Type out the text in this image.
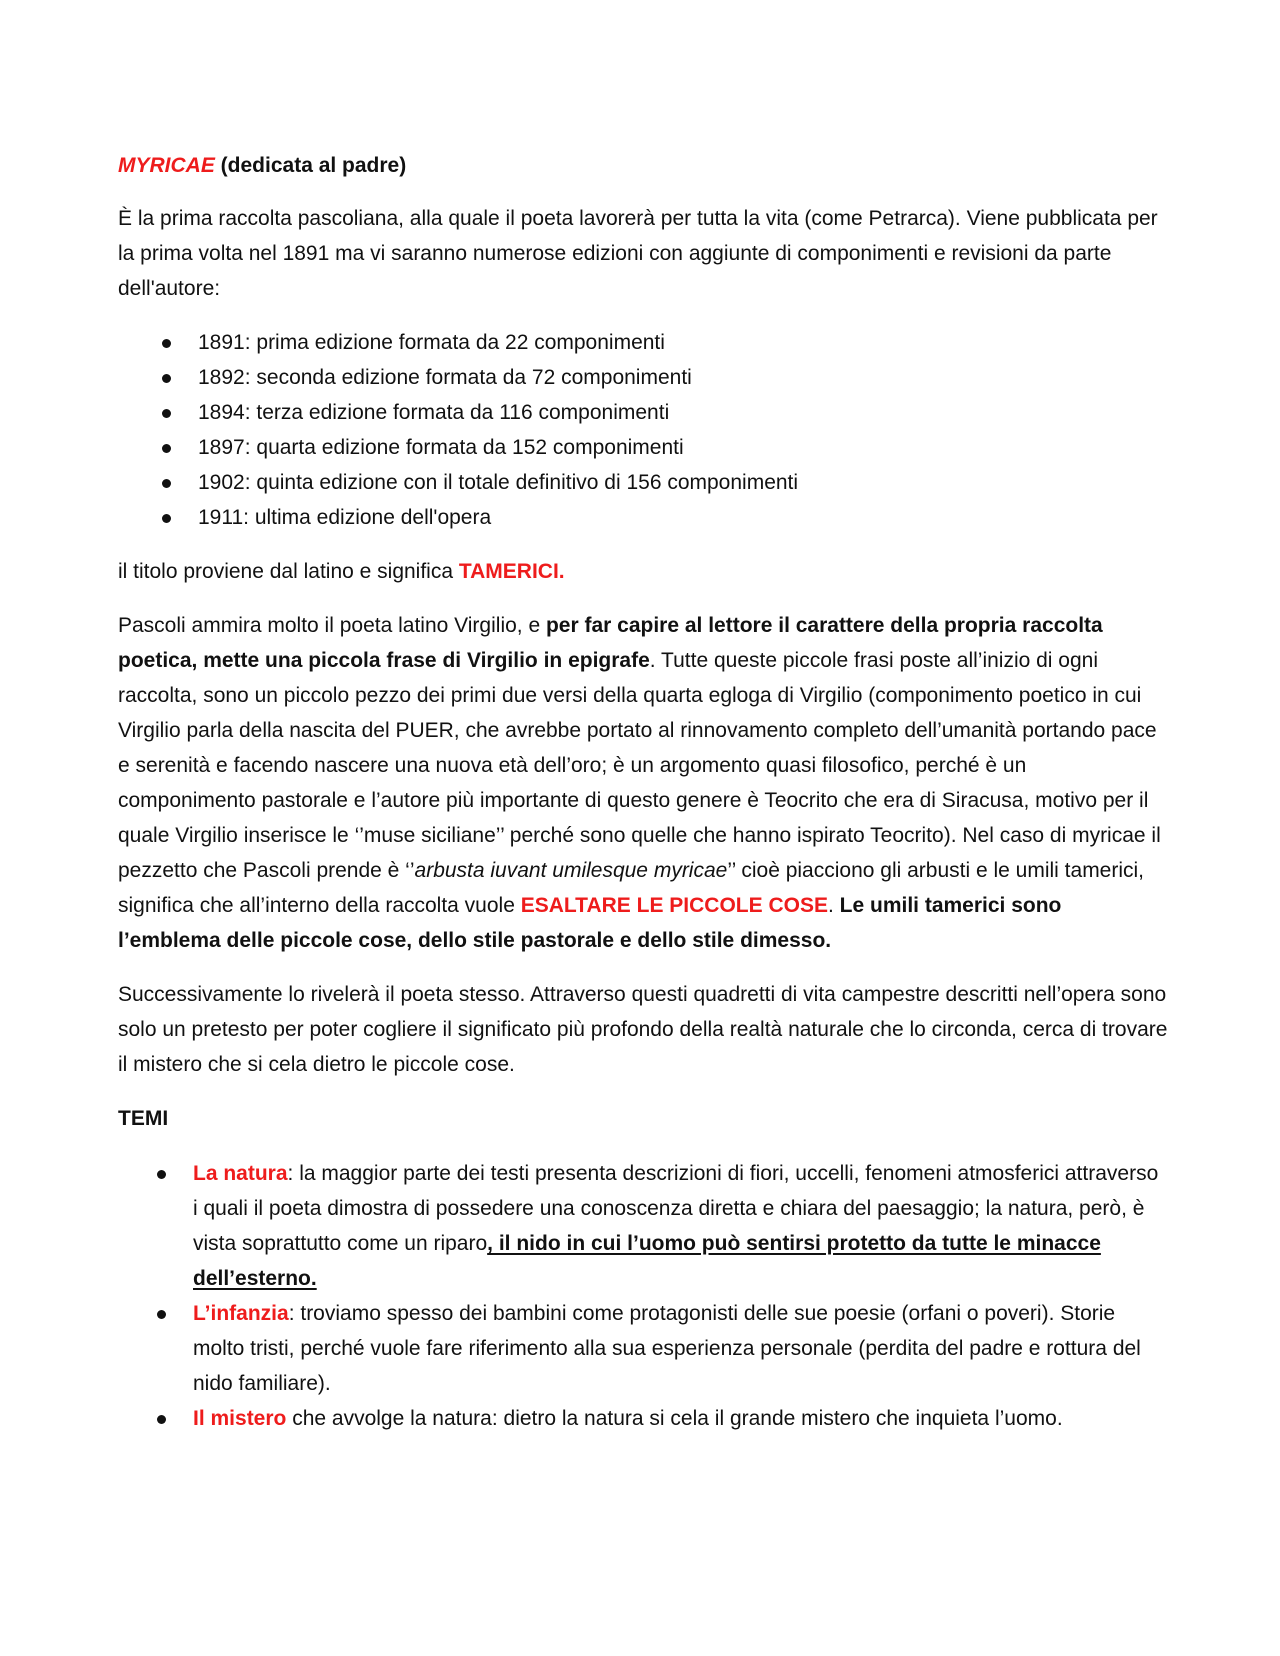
MYRICAE (dedicata al padre)

È la prima raccolta pascoliana, alla quale il poeta lavorerà per tutta la vita (come Petrarca). Viene pubblicata per la prima volta nel 1891 ma vi saranno numerose edizioni con aggiunte di componimenti e revisioni da parte dell'autore:

1891: prima edizione formata da 22 componimenti
1892: seconda edizione formata da 72 componimenti
1894: terza edizione formata da 116 componimenti
1897: quarta edizione formata da 152 componimenti
1902: quinta edizione con il totale definitivo di 156 componimenti
1911: ultima edizione dell'opera

il titolo proviene dal latino e significa TAMERICI.

Pascoli ammira molto il poeta latino Virgilio, e per far capire al lettore il carattere della propria raccolta poetica, mette una piccola frase di Virgilio in epigrafe. Tutte queste piccole frasi poste all’inizio di ogni raccolta, sono un piccolo pezzo dei primi due versi della quarta egloga di Virgilio (componimento poetico in cui Virgilio parla della nascita del PUER, che avrebbe portato al rinnovamento completo dell’umanità portando pace e serenità e facendo nascere una nuova età dell’oro; è un argomento quasi filosofico, perché è un componimento pastorale e l’autore più importante di questo genere è Teocrito che era di Siracusa, motivo per il quale Virgilio inserisce le ‘’muse siciliane’’ perché sono quelle che hanno ispirato Teocrito). Nel caso di myricae il pezzetto che Pascoli prende è ‘’arbusta iuvant umilesque myricae’’ cioè piacciono gli arbusti e le umili tamerici, significa che all’interno della raccolta vuole ESALTARE LE PICCOLE COSE. Le umili tamerici sono l’emblema delle piccole cose, dello stile pastorale e dello stile dimesso.

Successivamente lo rivelerà il poeta stesso. Attraverso questi quadretti di vita campestre descritti nell’opera sono solo un pretesto per poter cogliere il significato più profondo della realtà naturale che lo circonda, cerca di trovare il mistero che si cela dietro le piccole cose.

TEMI

La natura: la maggior parte dei testi presenta descrizioni di fiori, uccelli, fenomeni atmosferici attraverso i quali il poeta dimostra di possedere una conoscenza diretta e chiara del paesaggio; la natura, però, è vista soprattutto come un riparo, il nido in cui l’uomo può sentirsi protetto da tutte le minacce dell’esterno.
L’infanzia: troviamo spesso dei bambini come protagonisti delle sue poesie (orfani o poveri). Storie molto tristi, perché vuole fare riferimento alla sua esperienza personale (perdita del padre e rottura del nido familiare).
Il mistero che avvolge la natura: dietro la natura si cela il grande mistero che inquieta l’uomo.
